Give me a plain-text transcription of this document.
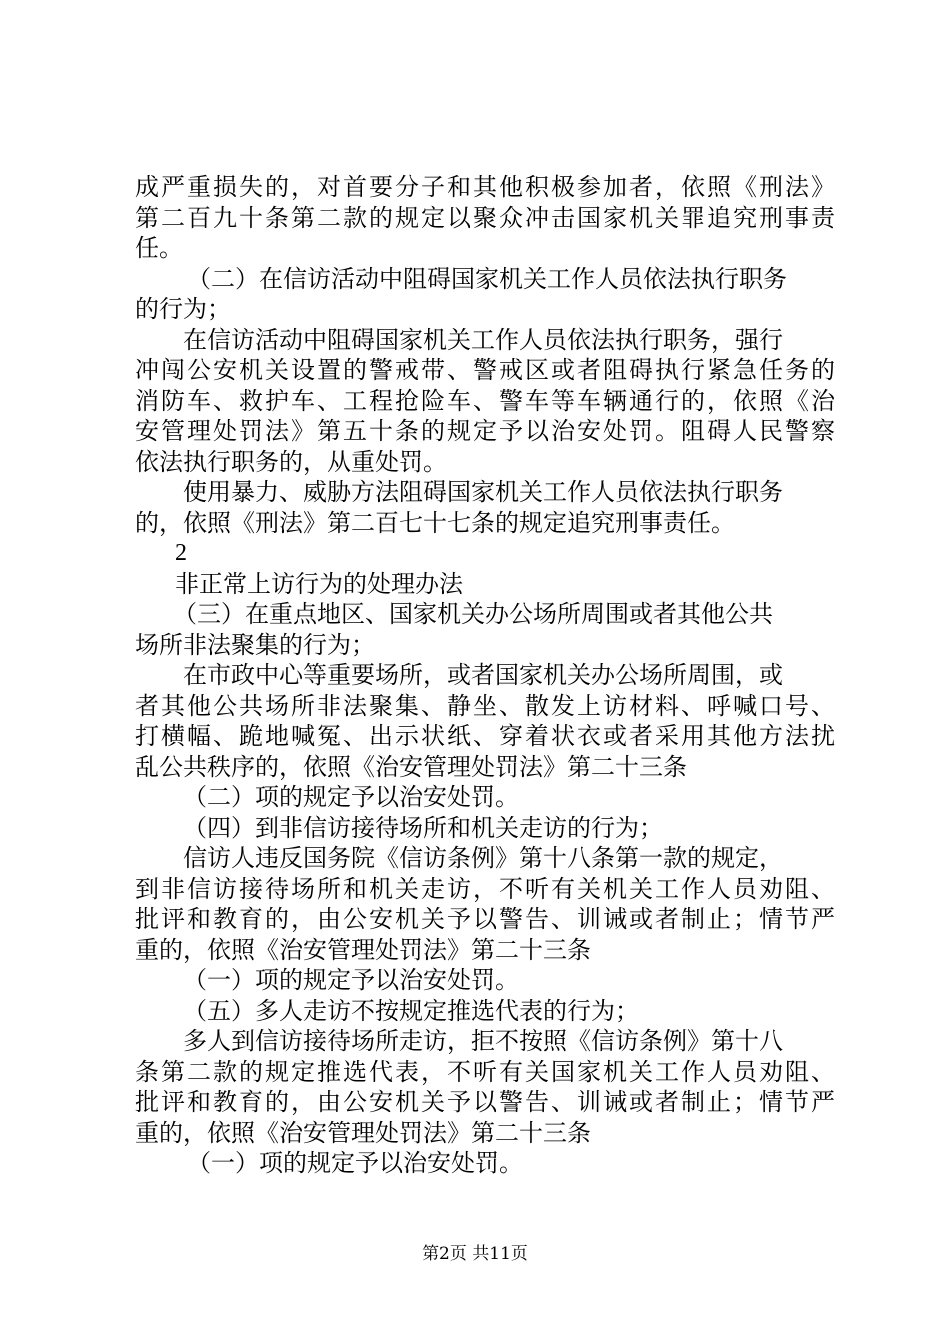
成严重损失的，对首要分子和其他积极参加者，依照《刑法》
第二百九十条第二款的规定以聚众冲击国家机关罪追究刑事责
任。
（二）在信访活动中阻碍国家机关工作人员依法执行职务
的行为；
在信访活动中阻碍国家机关工作人员依法执行职务，强行
冲闯公安机关设置的警戒带、警戒区或者阻碍执行紧急任务的
消防车、救护车、工程抢险车、警车等车辆通行的，依照《治
安管理处罚法》第五十条的规定予以治安处罚。阻碍人民警察
依法执行职务的，从重处罚。
使用暴力、威胁方法阻碍国家机关工作人员依法执行职务
的，依照《刑法》第二百七十七条的规定追究刑事责任。
2
非正常上访行为的处理办法
（三）在重点地区、国家机关办公场所周围或者其他公共
场所非法聚集的行为；
在市政中心等重要场所，或者国家机关办公场所周围，或
者其他公共场所非法聚集、静坐、散发上访材料、呼喊口号、
打横幅、跪地喊冤、出示状纸、穿着状衣或者采用其他方法扰
乱公共秩序的，依照《治安管理处罚法》第二十三条
（二）项的规定予以治安处罚。
（四）到非信访接待场所和机关走访的行为；
信访人违反国务院《信访条例》第十八条第一款的规定，
到非信访接待场所和机关走访，不听有关机关工作人员劝阻、
批评和教育的，由公安机关予以警告、训诫或者制止；情节严
重的，依照《治安管理处罚法》第二十三条
（一）项的规定予以治安处罚。
（五）多人走访不按规定推选代表的行为；
多人到信访接待场所走访，拒不按照《信访条例》第十八
条第二款的规定推选代表，不听有关国家机关工作人员劝阻、
批评和教育的，由公安机关予以警告、训诫或者制止；情节严
重的，依照《治安管理处罚法》第二十三条
（一）项的规定予以治安处罚。
第2页 共11页
